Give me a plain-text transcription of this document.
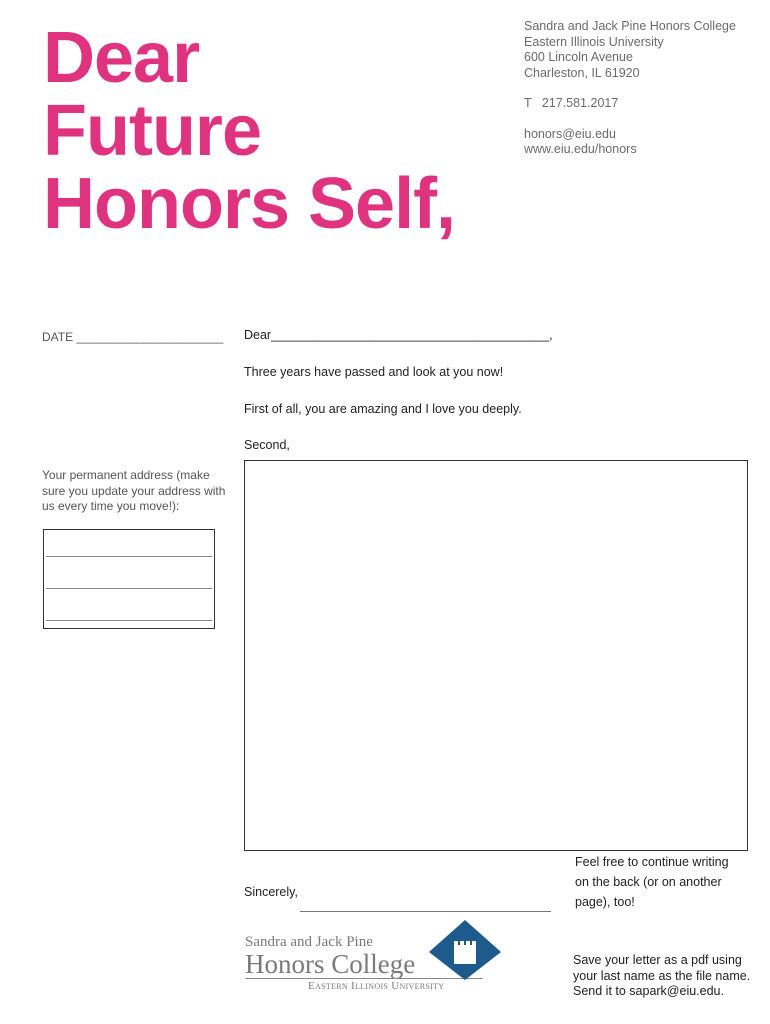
Dear
Future
Honors Self,
Sandra and Jack Pine Honors College
Eastern Illinois University
600 Lincoln Avenue
Charleston, IL 61920
T   217.581.2017
honors@eiu.edu
www.eiu.edu/honors
DATE ______________________
Your permanent address (make sure you update your address with us every time you move!):
Dear________________________________________,
Three years have passed and look at you now!
First of all, you are amazing and I love you deeply.
Second,
Feel free to continue writing on the back (or on another page), too!
Sincerely,
Sandra and Jack Pine
Honors College
Eastern Illinois University
Save your letter as a pdf using your last name as the file name. Send it to sapark@eiu.edu.
